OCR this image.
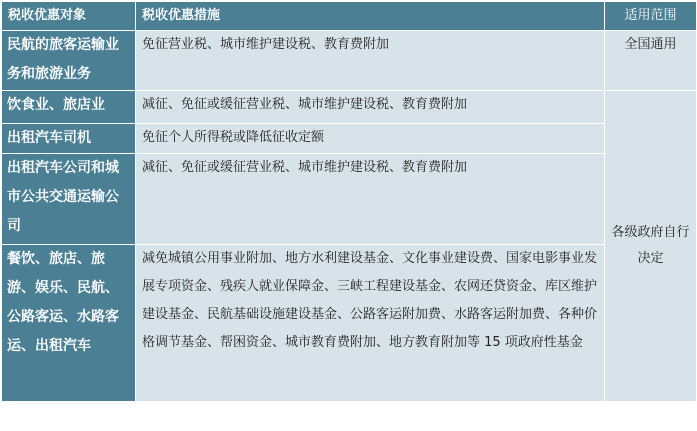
税收优惠对象	税收优惠措施	适用范围
民航的旅客运输业务和旅游业务	免征营业税、城市维护建设税、教育费附加	全国通用
饮食业、旅店业	减征、免征或缓征营业税、城市维护建设税、教育费附加	各级政府自行决定
出租汽车司机	免征个人所得税或降低征收定额	
出租汽车公司和城市公共交通运输公司	减征、免征或缓征营业税、城市维护建设税、教育费附加	
餐饮、旅店、旅游、娱乐、民航、公路客运、水路客运、出租汽车	减免城镇公用事业附加、地方水利建设基金、文化事业建设费、国家电影事业发展专项资金、残疾人就业保障金、三峡工程建设基金、农网还贷资金、库区维护建设基金、民航基础设施建设基金、公路客运附加费、水路客运附加费、各种价格调节基金、帮困资金、城市教育费附加、地方教育附加等 15 项政府性基金	
